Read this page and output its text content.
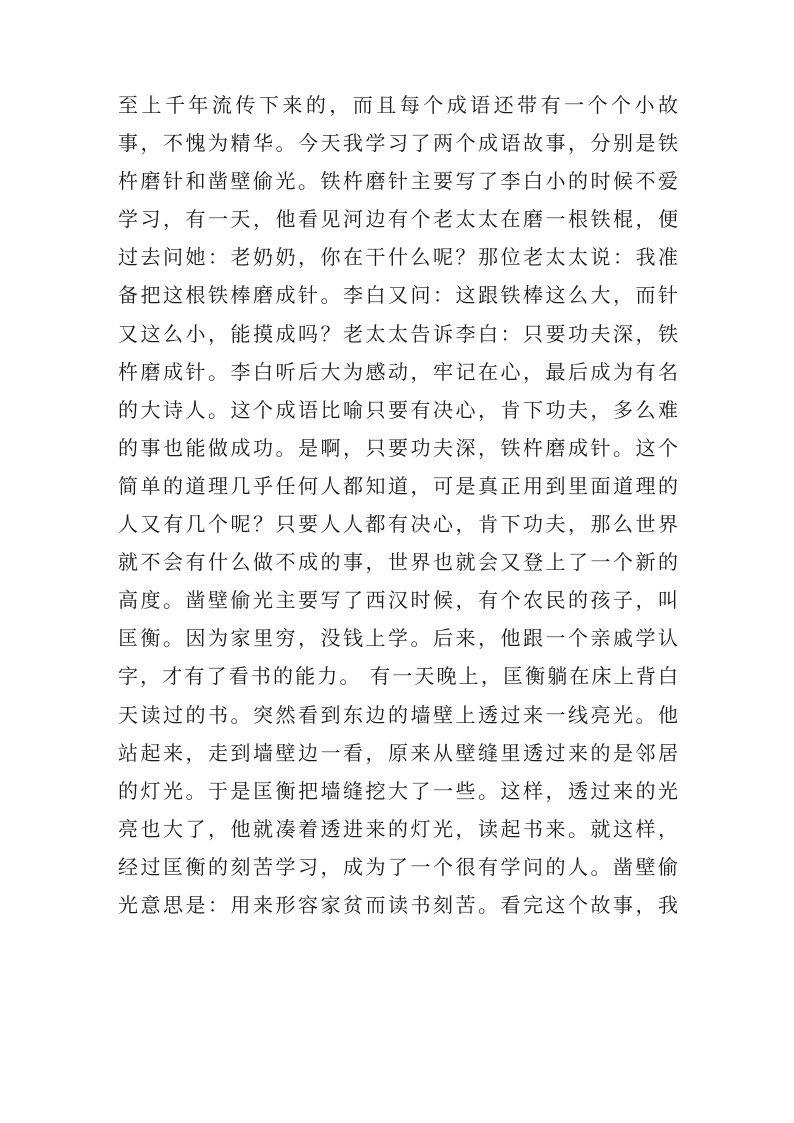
至上千年流传下来的，而且每个成语还带有一个个小故
事，不愧为精华。今天我学习了两个成语故事，分别是铁
杵磨针和凿壁偷光。铁杵磨针主要写了李白小的时候不爱
学习，有一天，他看见河边有个老太太在磨一根铁棍，便
过去问她：老奶奶，你在干什么呢？那位老太太说：我准
备把这根铁棒磨成针。李白又问：这跟铁棒这么大，而针
又这么小，能摸成吗？老太太告诉李白：只要功夫深，铁
杵磨成针。李白听后大为感动，牢记在心，最后成为有名
的大诗人。这个成语比喻只要有决心，肯下功夫，多么难
的事也能做成功。是啊，只要功夫深，铁杵磨成针。这个
简单的道理几乎任何人都知道，可是真正用到里面道理的
人又有几个呢？只要人人都有决心，肯下功夫，那么世界
就不会有什么做不成的事，世界也就会又登上了一个新的
高度。凿壁偷光主要写了西汉时候，有个农民的孩子，叫
匡衡。因为家里穷，没钱上学。后来，他跟一个亲戚学认
字，才有了看书的能力。 有一天晚上，匡衡躺在床上背白
天读过的书。突然看到东边的墙壁上透过来一线亮光。他
站起来，走到墙壁边一看，原来从壁缝里透过来的是邻居
的灯光。于是匡衡把墙缝挖大了一些。这样，透过来的光
亮也大了，他就凑着透进来的灯光，读起书来。就这样，
经过匡衡的刻苦学习，成为了一个很有学问的人。凿壁偷
光意思是：用来形容家贫而读书刻苦。看完这个故事，我
